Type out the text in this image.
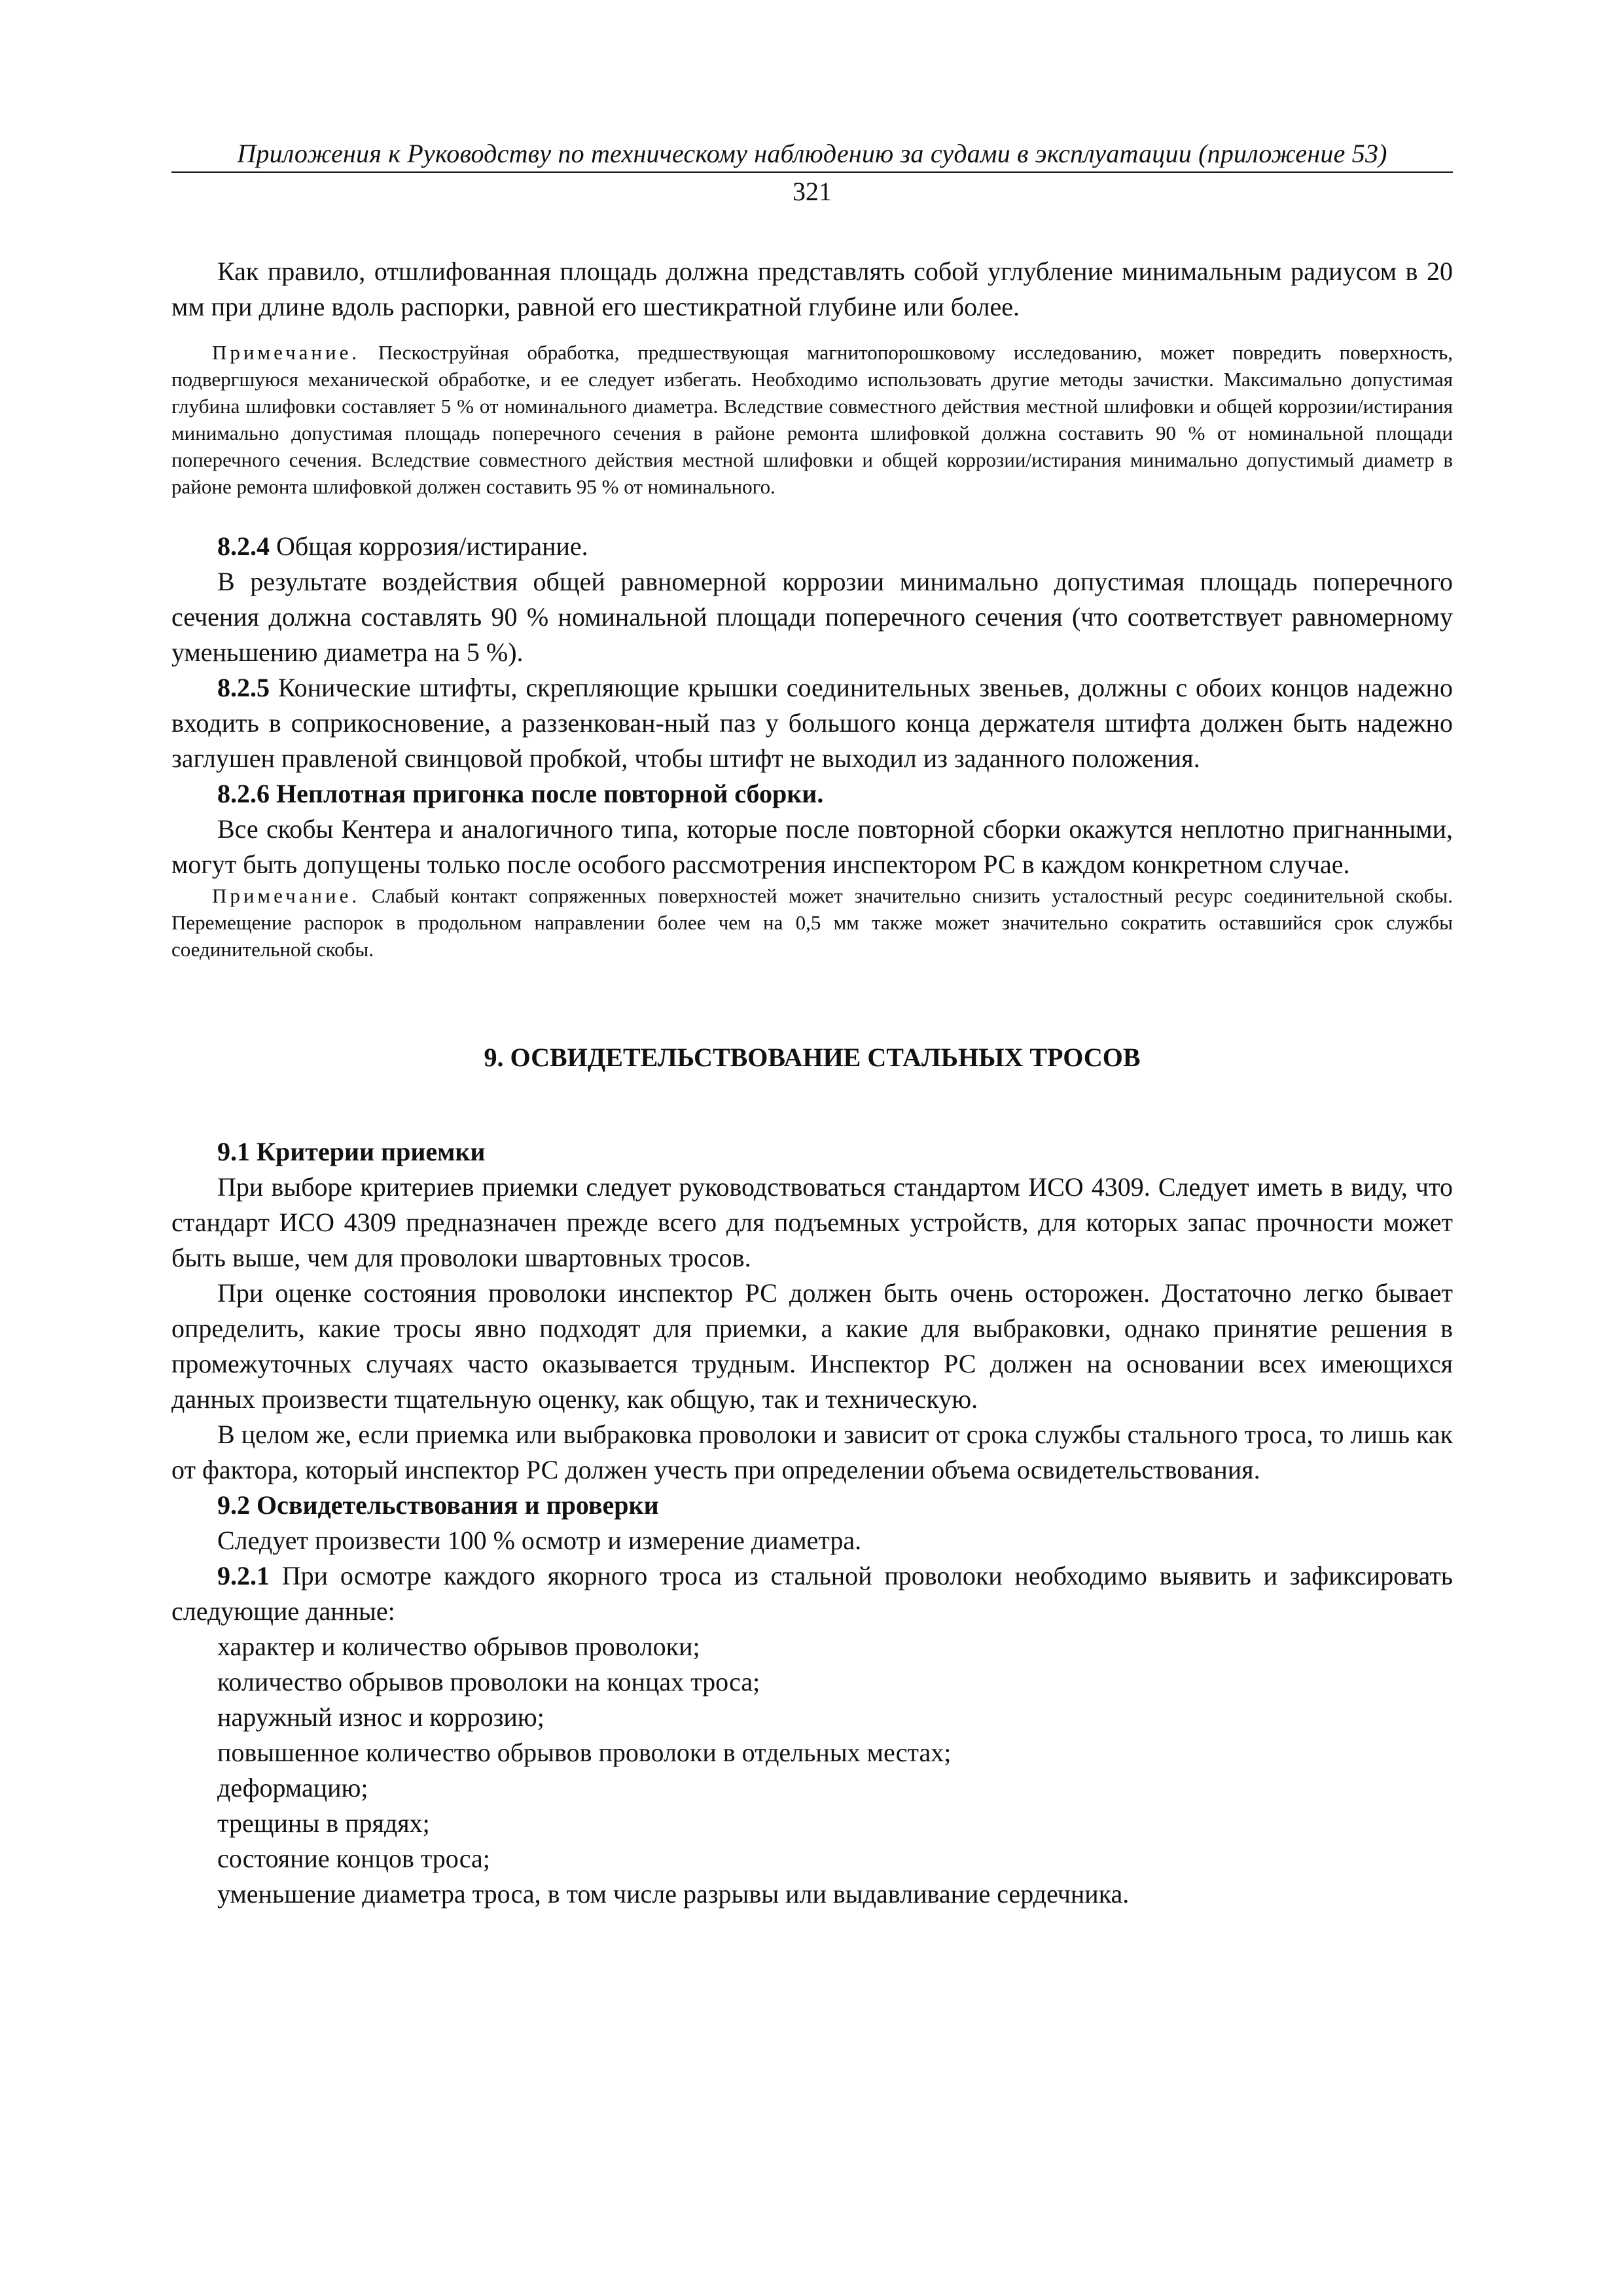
Приложения к Руководству по техническому наблюдению за судами в эксплуатации (приложение 53)
321

Как правило, отшлифованная площадь должна представлять собой углубление минимальным радиусом в 20 мм при длине вдоль распорки, равной его шестикратной глубине или более.

Примечание. Пескоструйная обработка, предшествующая магнитопорошковому исследованию, может повредить поверхность, подвергшуюся механической обработке, и ее следует избегать. Необходимо использовать другие методы зачистки. Максимально допустимая глубина шлифовки составляет 5 % от номинального диаметра. Вследствие совместного действия местной шлифовки и общей коррозии/истирания минимально допустимая площадь поперечного сечения в районе ремонта шлифовкой должна составить 90 % от номинальной площади поперечного сечения. Вследствие совместного действия местной шлифовки и общей коррозии/истирания минимально допустимый диаметр в районе ремонта шлифовкой должен составить 95 % от номинального.

8.2.4 Общая коррозия/истирание.

В результате воздействия общей равномерной коррозии минимально допустимая площадь поперечного сечения должна составлять 90 % номинальной площади поперечного сечения (что соответствует равномерному уменьшению диаметра на 5 %).

8.2.5 Конические штифты, скрепляющие крышки соединительных звеньев, должны с обоих концов надежно входить в соприкосновение, а раззенкован-ный паз у большого конца держателя штифта должен быть надежно заглушен правленой свинцовой пробкой, чтобы штифт не выходил из заданного положения.

8.2.6 Неплотная пригонка после повторной сборки.

Все скобы Кентера и аналогичного типа, которые после повторной сборки окажутся неплотно пригнанными, могут быть допущены только после особого рассмотрения инспектором РС в каждом конкретном случае.

Примечание. Слабый контакт сопряженных поверхностей может значительно снизить усталостный ресурс соединительной скобы. Перемещение распорок в продольном направлении более чем на 0,5 мм также может значительно сократить оставшийся срок службы соединительной скобы.

9. ОСВИДЕТЕЛЬСТВОВАНИЕ СТАЛЬНЫХ ТРОСОВ

9.1 Критерии приемки

При выборе критериев приемки следует руководствоваться стандартом ИСО 4309. Следует иметь в виду, что стандарт ИСО 4309 предназначен прежде всего для подъемных устройств, для которых запас прочности может быть выше, чем для проволоки швартовных тросов.

При оценке состояния проволоки инспектор РС должен быть очень осторожен. Достаточно легко бывает определить, какие тросы явно подходят для приемки, а какие для выбраковки, однако принятие решения в промежуточных случаях часто оказывается трудным. Инспектор РС должен на основании всех имеющихся данных произвести тщательную оценку, как общую, так и техническую.

В целом же, если приемка или выбраковка проволоки и зависит от срока службы стального троса, то лишь как от фактора, который инспектор РС должен учесть при определении объема освидетельствования.

9.2 Освидетельствования и проверки

Следует произвести 100 % осмотр и измерение диаметра.

9.2.1 При осмотре каждого якорного троса из стальной проволоки необходимо выявить и зафиксировать следующие данные:

характер и количество обрывов проволоки;

количество обрывов проволоки на концах троса;

наружный износ и коррозию;

повышенное количество обрывов проволоки в отдельных местах;

деформацию;

трещины в прядях;

состояние концов троса;

уменьшение диаметра троса, в том числе разрывы или выдавливание сердечника.
